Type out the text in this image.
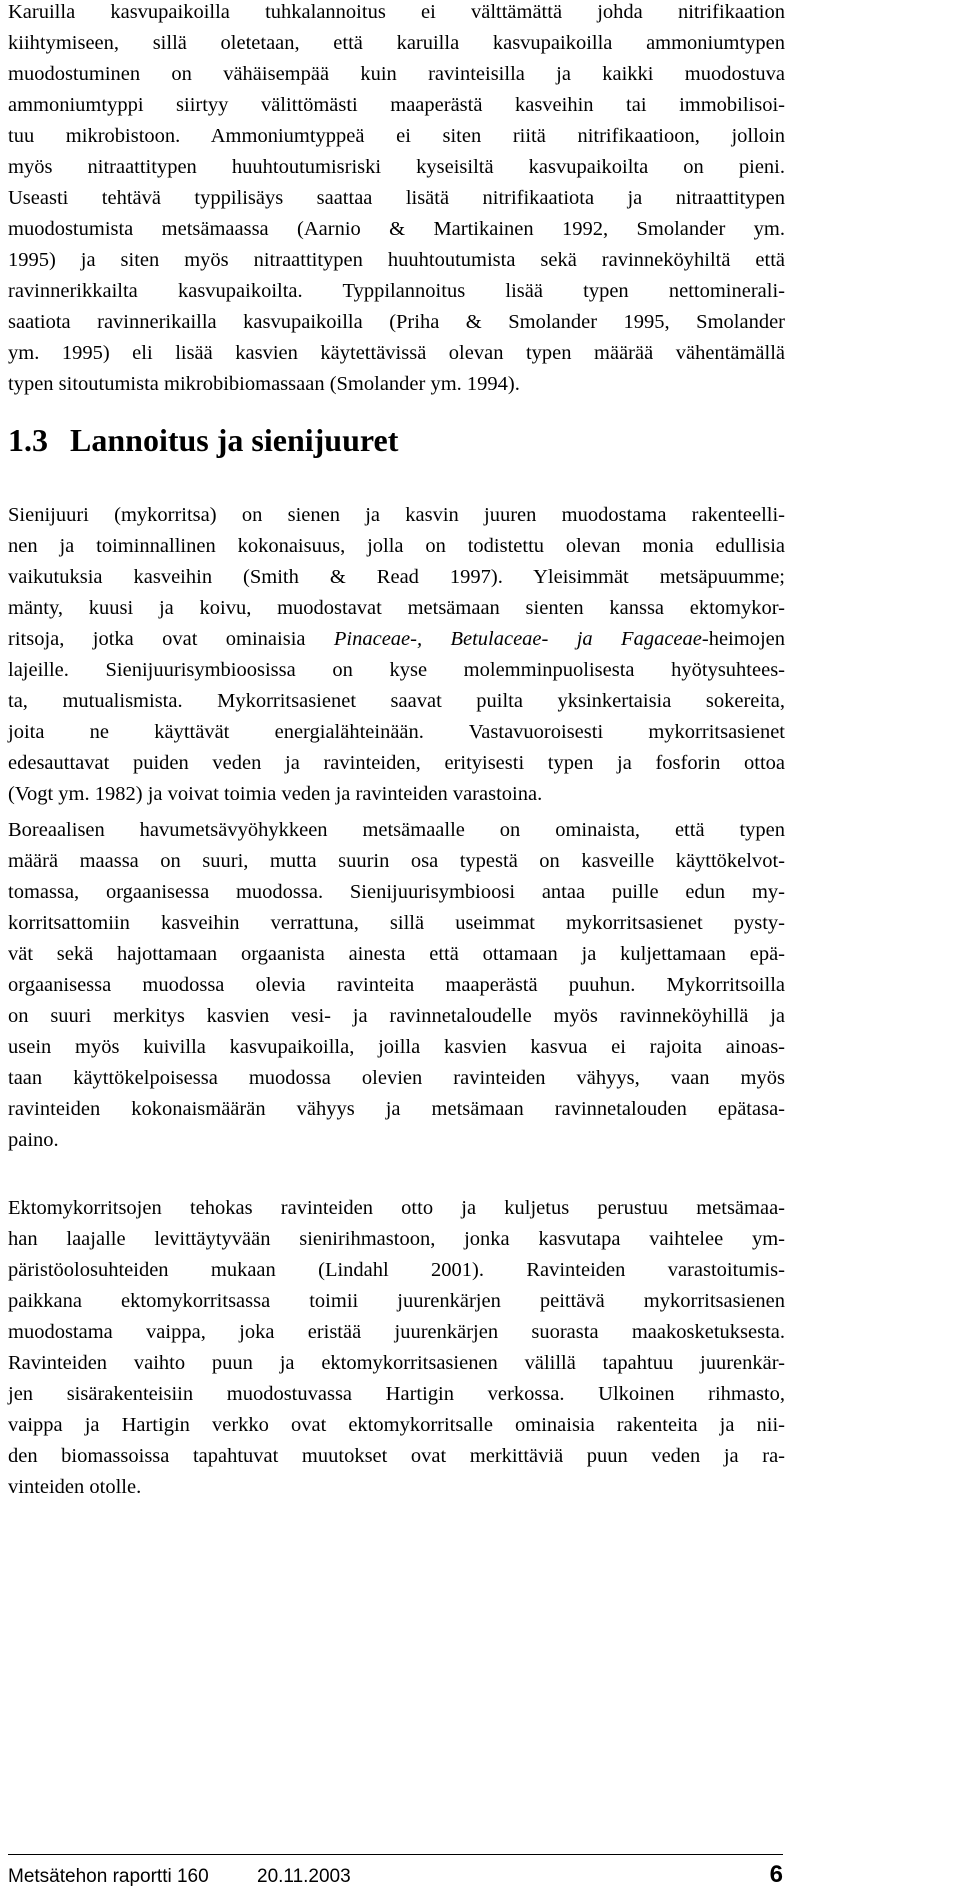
Karuilla kasvupaikoilla tuhkalannoitus ei välttämättä johda nitrifikaation
kiihtymiseen, sillä oletetaan, että karuilla kasvupaikoilla ammoniumtypen
muodostuminen on vähäisempää kuin ravinteisilla ja kaikki muodostuva
ammoniumtyppi siirtyy välittömästi maaperästä kasveihin tai immobilisoi-
tuu mikrobistoon. Ammoniumtyppeä ei siten riitä nitrifikaatioon, jolloin
myös nitraattitypen huuhtoutumisriski kyseisiltä kasvupaikoilta on pieni.
Useasti tehtävä typpilisäys saattaa lisätä nitrifikaatiota ja nitraattitypen
muodostumista metsämaassa (Aarnio & Martikainen 1992, Smolander ym.
1995) ja siten myös nitraattitypen huuhtoutumista sekä ravinneköyhiltä että
ravinnerikkailta kasvupaikoilta. Typpilannoitus lisää typen nettominerali-
saatiota ravinnerikailla kasvupaikoilla (Priha & Smolander 1995, Smolander
ym. 1995) eli lisää kasvien käytettävissä olevan typen määrää vähentämällä
typen sitoutumista mikrobibiomassaan (Smolander ym. 1994).

1.3 Lannoitus ja sienijuuret

Sienijuuri (mykorritsa) on sienen ja kasvin juuren muodostama rakenteelli-
nen ja toiminnallinen kokonaisuus, jolla on todistettu olevan monia edullisia
vaikutuksia kasveihin (Smith & Read 1997). Yleisimmät metsäpuumme;
mänty, kuusi ja koivu, muodostavat metsämaan sienten kanssa ektomykor-
ritsoja, jotka ovat ominaisia Pinaceae-, Betulaceae- ja Fagaceae-heimojen
lajeille. Sienijuurisymbioosissa on kyse molemminpuolisesta hyötysuhtees-
ta, mutualismista. Mykorritsasienet saavat puilta yksinkertaisia sokereita,
joita ne käyttävät energialähteinään. Vastavuoroisesti mykorritsasienet
edesauttavat puiden veden ja ravinteiden, erityisesti typen ja fosforin ottoa
(Vogt ym. 1982) ja voivat toimia veden ja ravinteiden varastoina.

Boreaalisen havumetsävyöhykkeen metsämaalle on ominaista, että typen
määrä maassa on suuri, mutta suurin osa typestä on kasveille käyttökelvot-
tomassa, orgaanisessa muodossa. Sienijuurisymbioosi antaa puille edun my-
korritsattomiin kasveihin verrattuna, sillä useimmat mykorritsasienet pysty-
vät sekä hajottamaan orgaanista ainesta että ottamaan ja kuljettamaan epä-
orgaanisessa muodossa olevia ravinteita maaperästä puuhun. Mykorritsoilla
on suuri merkitys kasvien vesi- ja ravinnetaloudelle myös ravinneköyhillä ja
usein myös kuivilla kasvupaikoilla, joilla kasvien kasvua ei rajoita ainoas-
taan käyttökelpoisessa muodossa olevien ravinteiden vähyys, vaan myös
ravinteiden kokonaismäärän vähyys ja metsämaan ravinnetalouden epätasa-
paino.

Ektomykorritsojen tehokas ravinteiden otto ja kuljetus perustuu metsämaa-
han laajalle levittäytyvään sienirihmastoon, jonka kasvutapa vaihtelee ym-
päristöolosuhteiden mukaan (Lindahl 2001). Ravinteiden varastoitumis-
paikkana ektomykorritsassa toimii juurenkärjen peittävä mykorritsasienen
muodostama vaippa, joka eristää juurenkärjen suorasta maakosketuksesta.
Ravinteiden vaihto puun ja ektomykorritsasienen välillä tapahtuu juurenkär-
jen sisärakenteisiin muodostuvassa Hartigin verkossa. Ulkoinen rihmasto,
vaippa ja Hartigin verkko ovat ektomykorritsalle ominaisia rakenteita ja nii-
den biomassoissa tapahtuvat muutokset ovat merkittäviä puun veden ja ra-
vinteiden otolle.

Metsätehon raportti 160	20.11.2003	6
